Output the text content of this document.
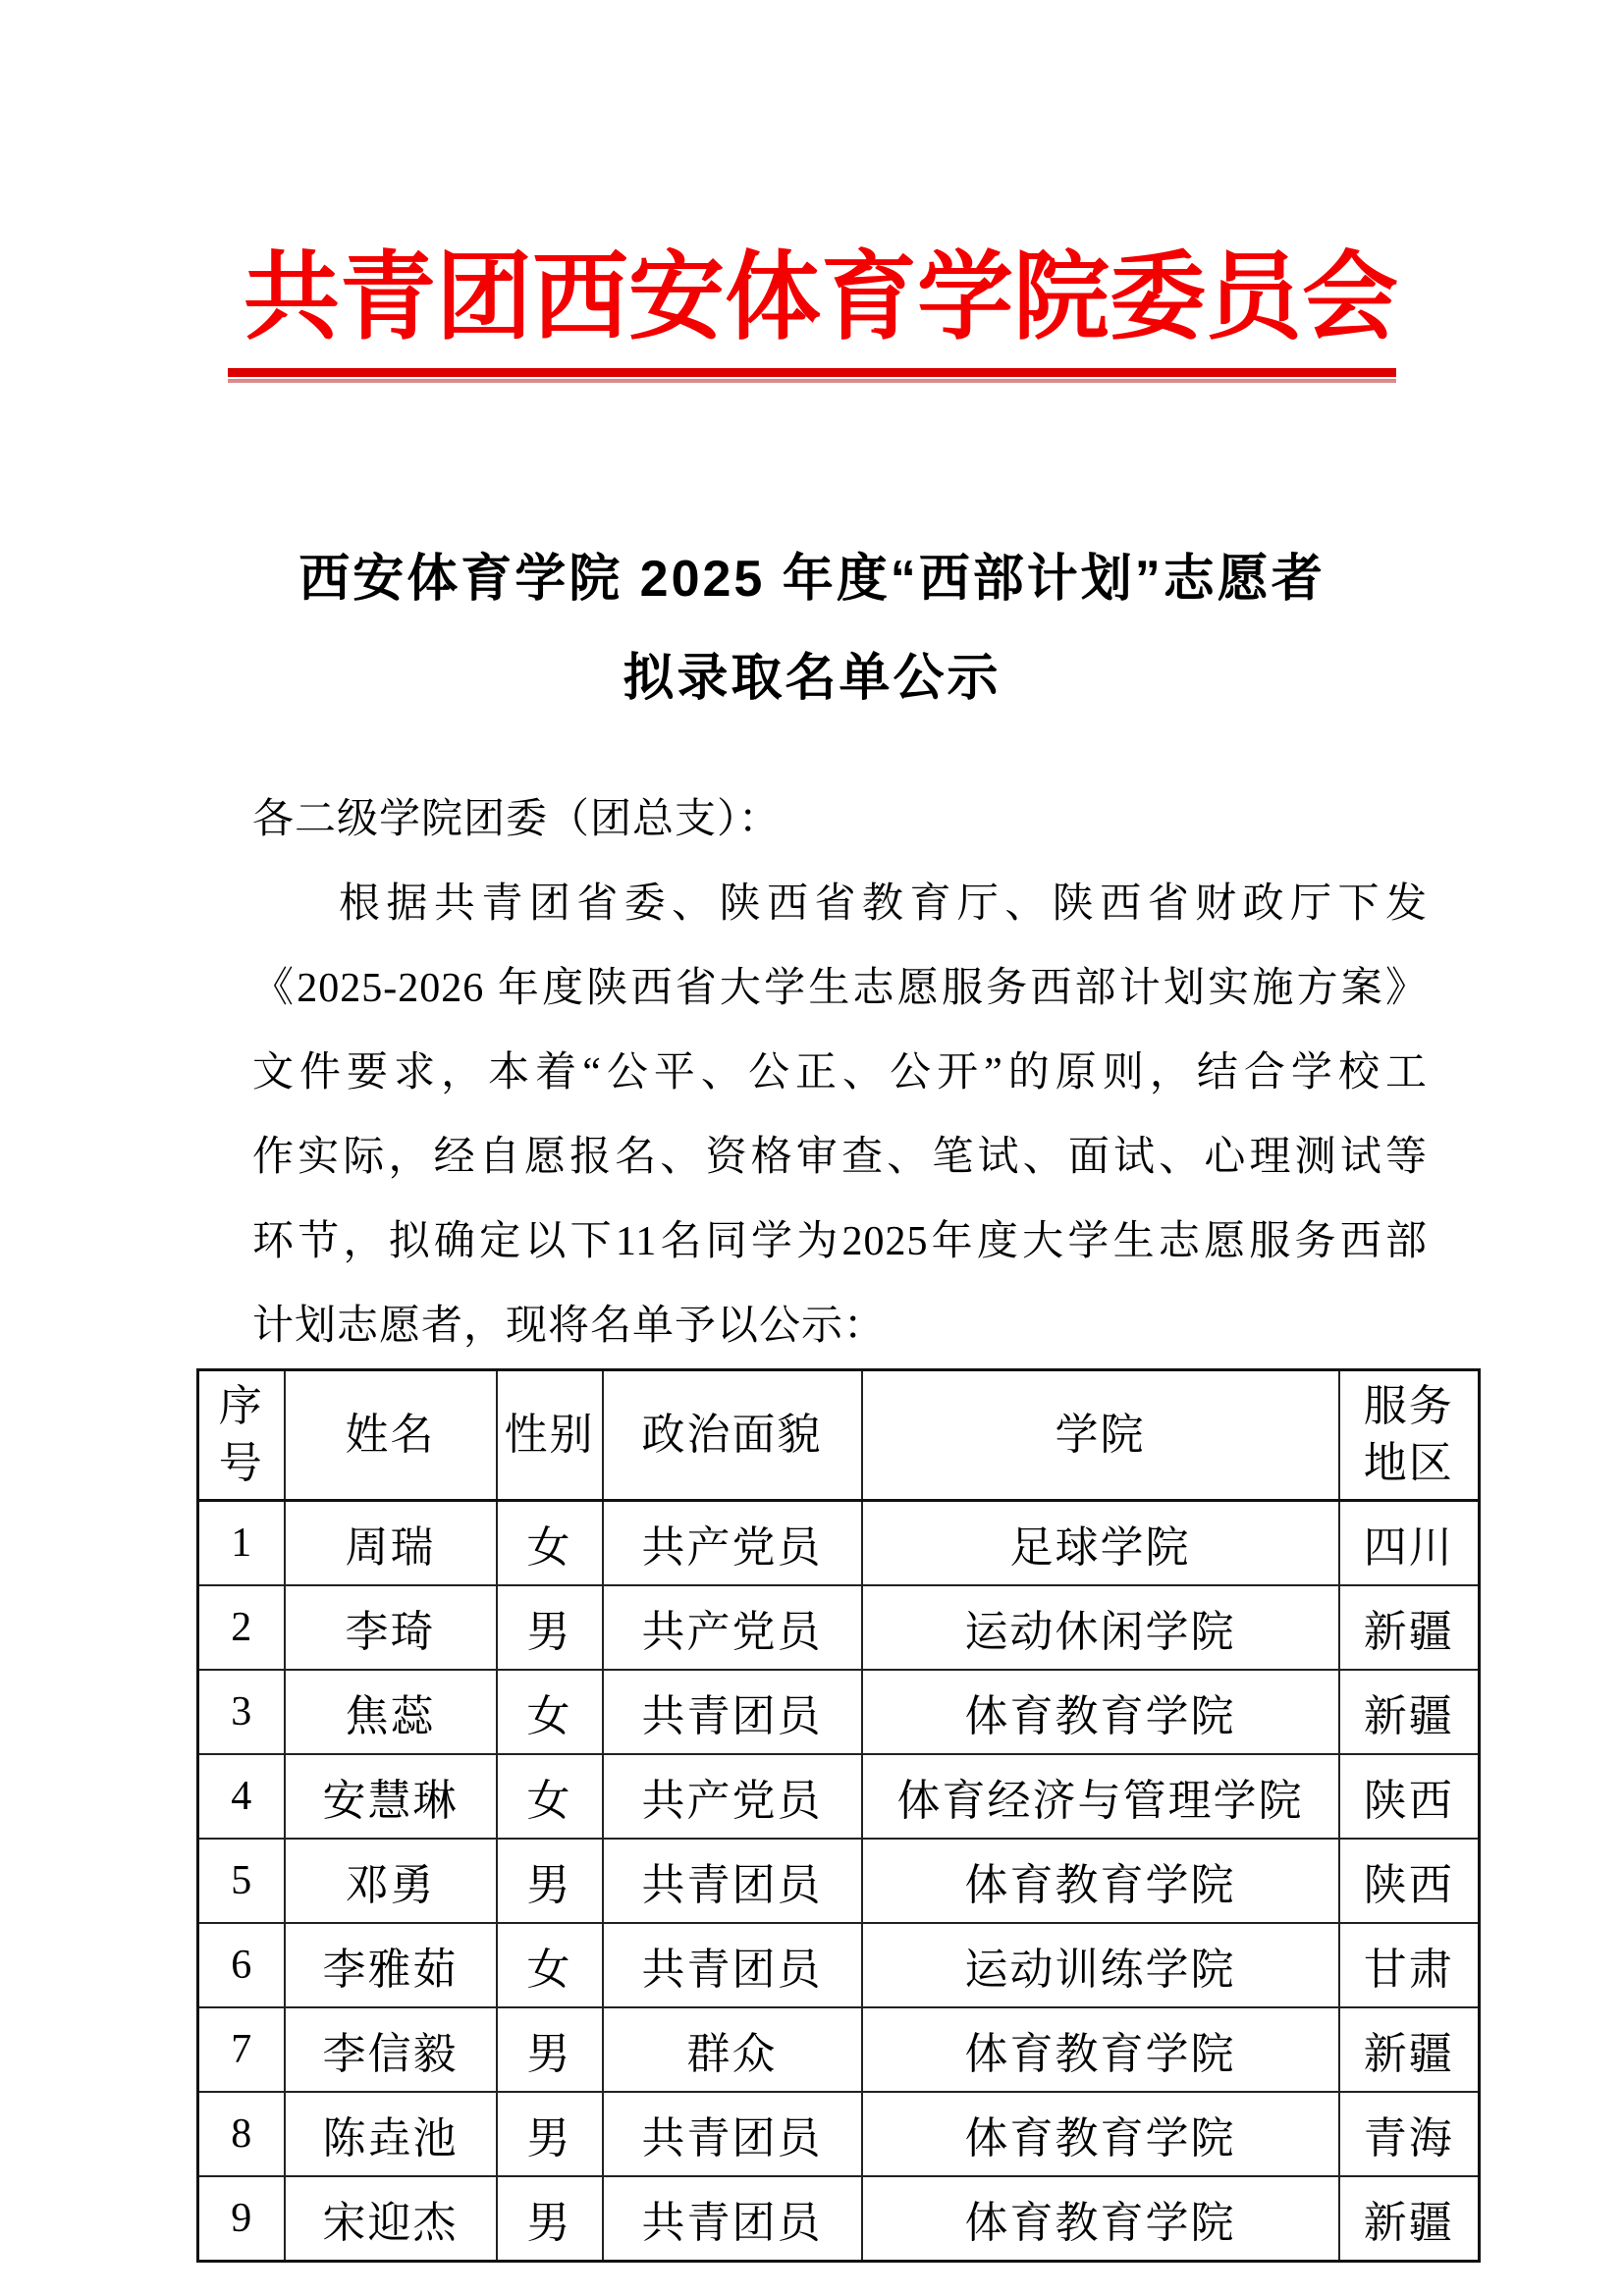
共青团西安体育学院委员会
西安体育学院 2025 年度“西部计划”志愿者
拟录取名单公示
各二级学院团委（团总支）：
根据共青团省委、陕西省教育厅、陕西省财政厅下发
《2025-2026 年度陕西省大学生志愿服务西部计划实施方案》
文件要求，本着“公平、公正、公开”的原则，结合学校工
作实际，经自愿报名、资格审查、笔试、面试、心理测试等
环节，拟确定以下11名同学为2025年度大学生志愿服务西部
计划志愿者，现将名单予以公示：
序号	姓名	性别	政治面貌	学院	服务地区
1	周瑞	女	共产党员	足球学院	四川
2	李琦	男	共产党员	运动休闲学院	新疆
3	焦蕊	女	共青团员	体育教育学院	新疆
4	安慧琳	女	共产党员	体育经济与管理学院	陕西
5	邓勇	男	共青团员	体育教育学院	陕西
6	李雅茹	女	共青团员	运动训练学院	甘肃
7	李信毅	男	群众	体育教育学院	新疆
8	陈垚池	男	共青团员	体育教育学院	青海
9	宋迎杰	男	共青团员	体育教育学院	新疆
